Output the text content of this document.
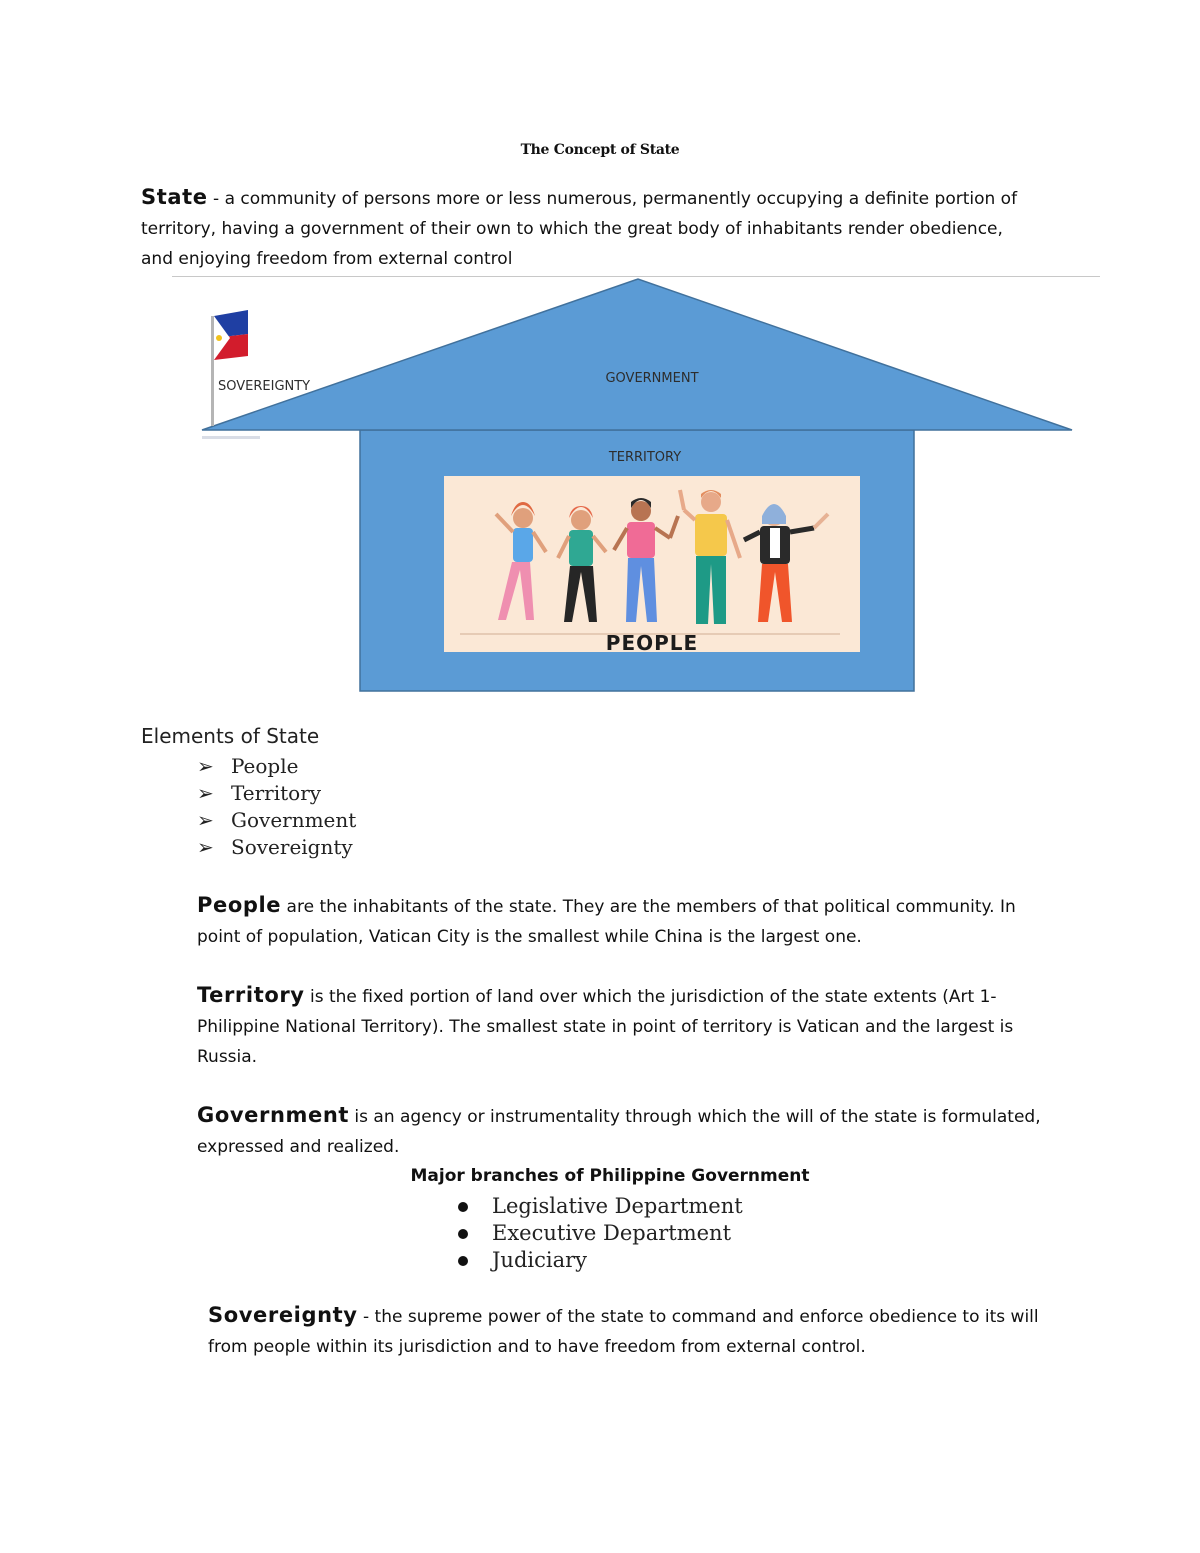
The Concept of State
State - a community of persons more or less numerous, permanently occupying a definite portion of
territory, having a government of their own to which the great body of inhabitants render obedience,
and enjoying freedom from external control
GOVERNMENT
TERRITORY
SOVEREIGNTY
PEOPLE
Elements of State
➢ People
➢ Territory
➢ Government
➢ Sovereignty
People are the inhabitants of the state. They are the members of that political community. In
point of population, Vatican City is the smallest while China is the largest one.
Territory is the fixed portion of land over which the jurisdiction of the state extents (Art 1-
Philippine National Territory). The smallest state in point of territory is Vatican and the largest is
Russia.
Government is an agency or instrumentality through which the will of the state is formulated,
expressed and realized.
Major branches of Philippine Government
Legislative Department
Executive Department
Judiciary
Sovereignty - the supreme power of the state to command and enforce obedience to its will
from people within its jurisdiction and to have freedom from external control.
